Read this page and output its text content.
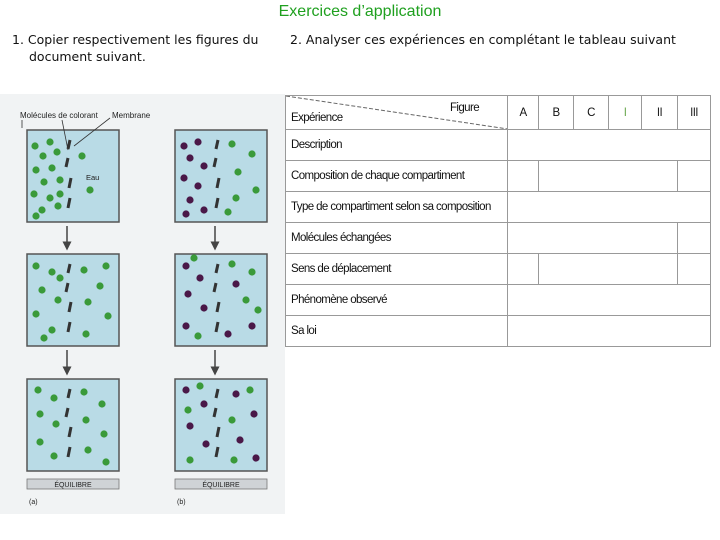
Exercices d’application
1. Copier respectivement les figures du
document suivant.
2. Analyser ces expériences en complétant le tableau suivant
Molécules de colorant Membrane
Eau
ÉQUILIBRE	ÉQUILIBRE
(a)	(b)
Figure
Expérience	A	B	C	I	II	III
Description						
Composition de chaque compartiment						
Type de compartiment selon sa composition						
Molécules échangées						
Sens de déplacement						
Phénomène observé						
Sa loi						
